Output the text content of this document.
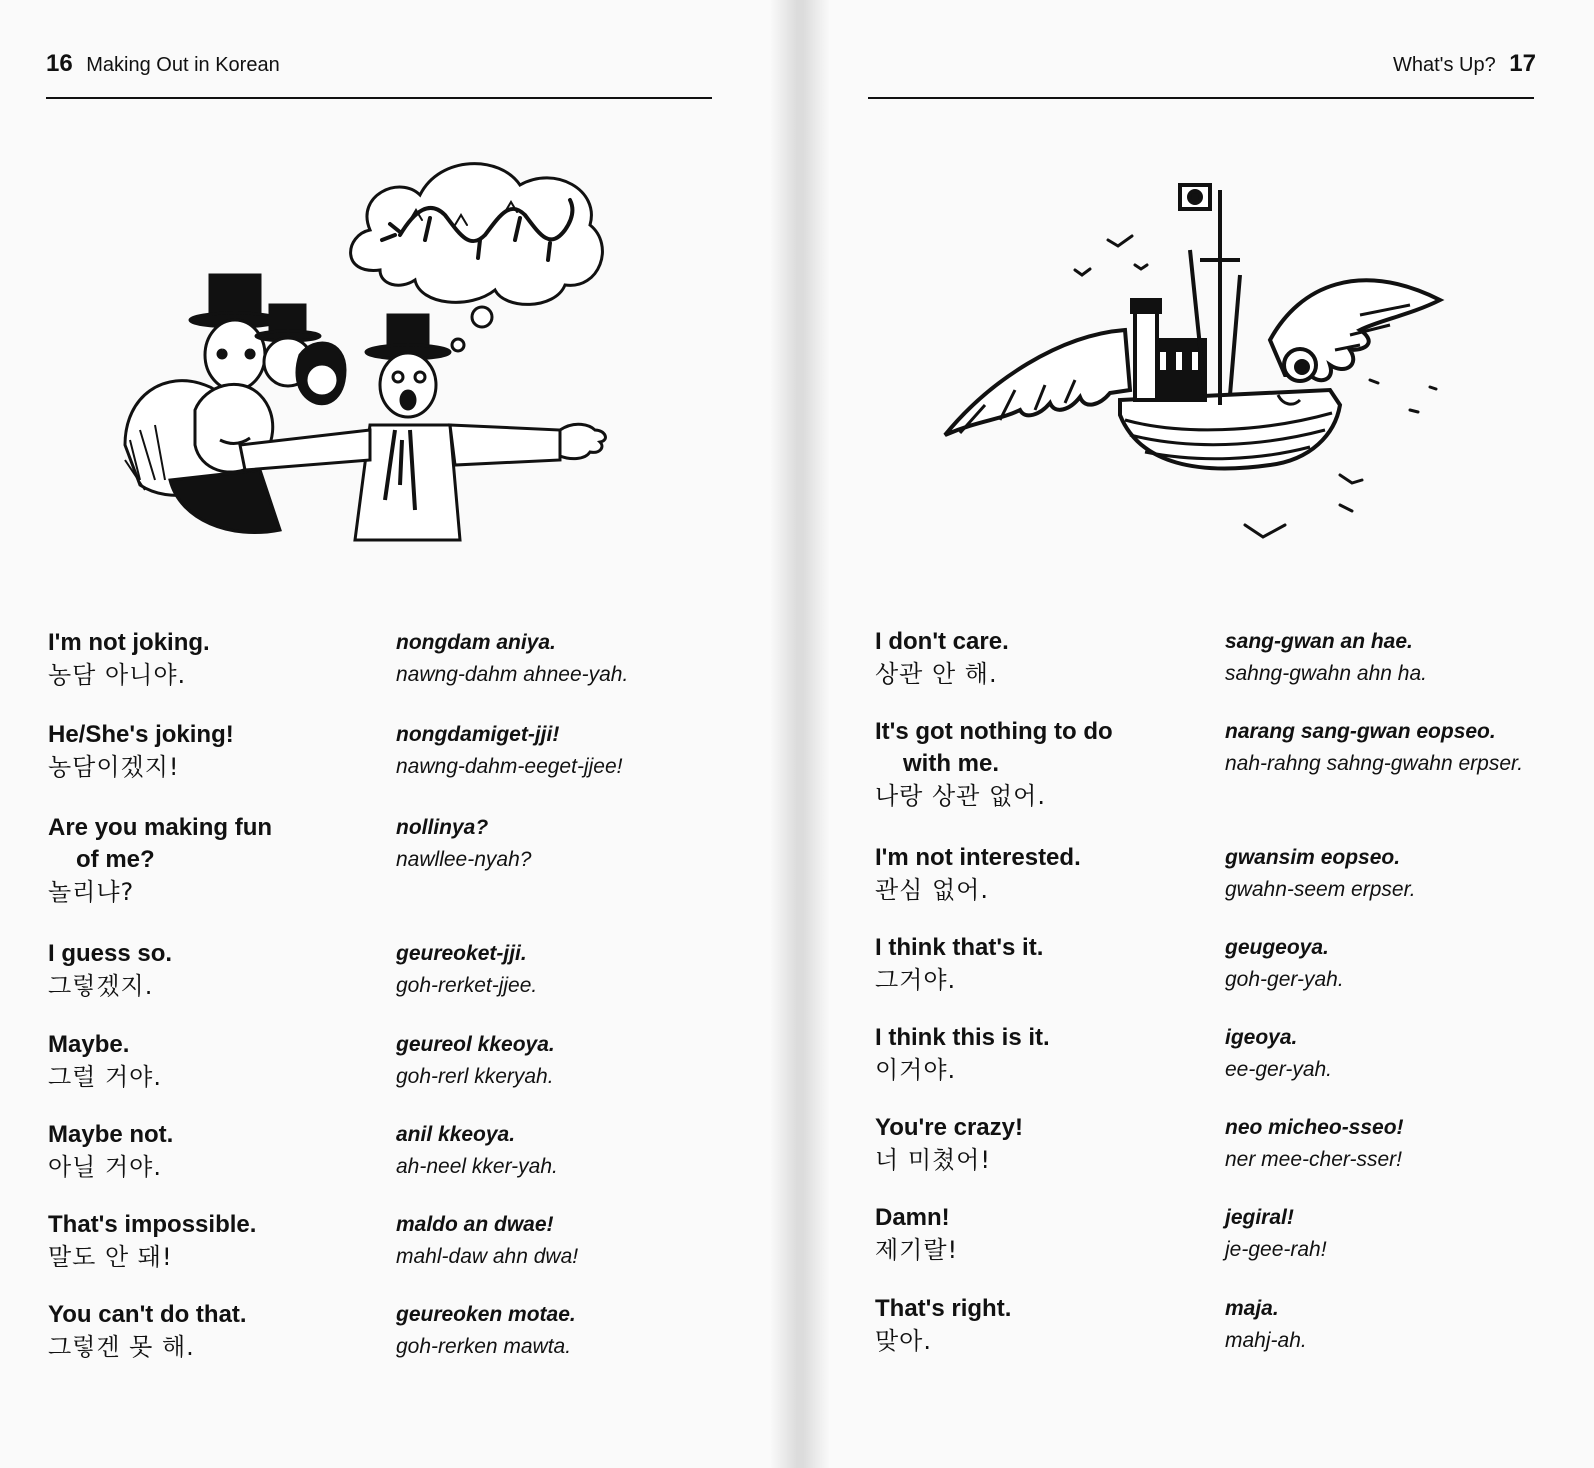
16 Making Out in Korean
I'm not joking.
농담 아니야.
nongdam aniya.
nawng-dahm ahnee-yah.
He/She's joking!
농담이겠지!
nongdamiget-jji!
nawng-dahm-eeget-jjee!
Are you making fun
of me?
놀리냐?
nollinya?
nawllee-nyah?
I guess so.
그렇겠지.
geureoket-jji.
goh-rerket-jjee.
Maybe.
그럴 거야.
geureol kkeoya.
goh-rerl kkeryah.
Maybe not.
아닐 거야.
anil kkeoya.
ah-neel kker-yah.
That's impossible.
말도 안 돼!
maldo an dwae!
mahl-daw ahn dwa!
You can't do that.
그렇겐 못 해.
geureoken motae.
goh-rerken mawta.
What's Up? 17
I don't care.
상관 안 해.
sang-gwan an hae.
sahng-gwahn ahn ha.
It's got nothing to do
with me.
나랑 상관 없어.
narang sang-gwan eopseo.
nah-rahng sahng-gwahn erpser.
I'm not interested.
관심 없어.
gwansim eopseo.
gwahn-seem erpser.
I think that's it.
그거야.
geugeoya.
goh-ger-yah.
I think this is it.
이거야.
igeoya.
ee-ger-yah.
You're crazy!
너 미쳤어!
neo micheo-sseo!
ner mee-cher-sser!
Damn!
제기랄!
jegiral!
je-gee-rah!
That's right.
맞아.
maja.
mahj-ah.
